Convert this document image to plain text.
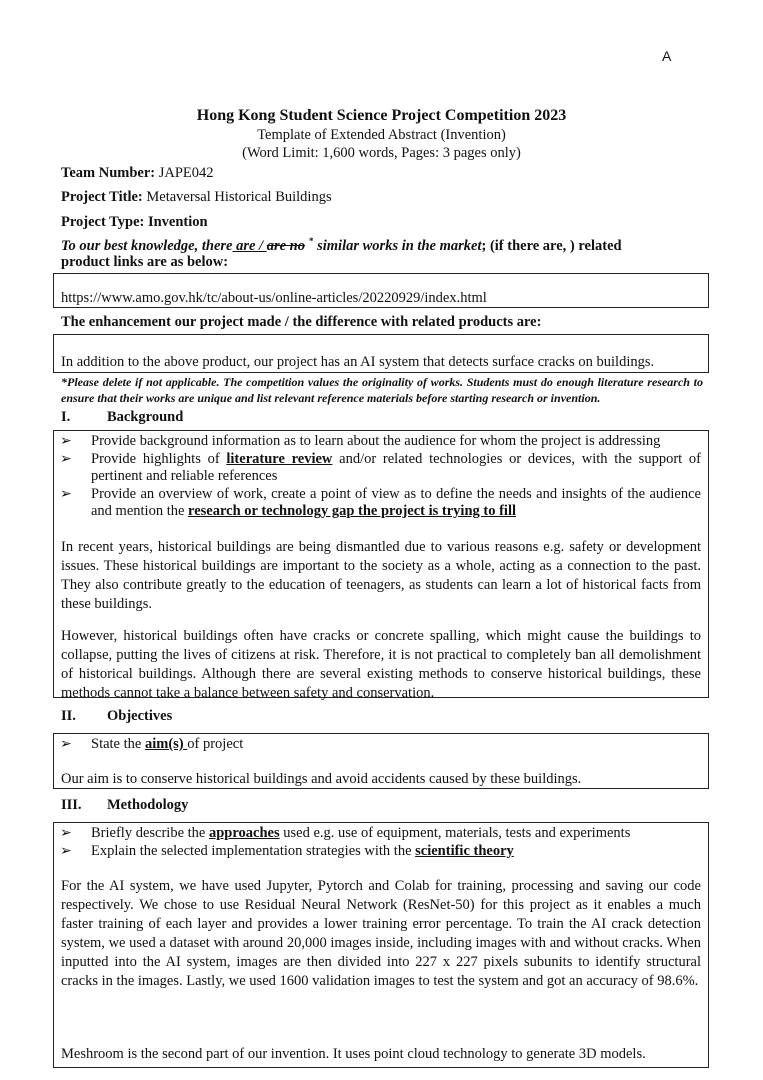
A
Hong Kong Student Science Project Competition 2023
Template of Extended Abstract (Invention)
(Word Limit: 1,600 words, Pages: 3 pages only)
Team Number: JAPE042
Project Title: Metaversal Historical Buildings
Project Type: Invention
To our best knowledge, there are / are no * similar works in the market; (if there are, ) related
product links are as below:
https://www.amo.gov.hk/tc/about-us/online-articles/20220929/index.html
The enhancement our project made / the difference with related products are:
In addition to the above product, our project has an AI system that detects surface cracks on buildings.
*Please delete if not applicable. The competition values the originality of works. Students must do enough literature research to ensure that their works are unique and list relevant reference materials before starting research or invention.
I.	Background
➢ Provide background information as to learn about the audience for whom the project is addressing
➢ Provide highlights of literature review and/or related technologies or devices, with the support of pertinent and reliable references
➢ Provide an overview of work, create a point of view as to define the needs and insights of the audience and mention the research or technology gap the project is trying to fill
In recent years, historical buildings are being dismantled due to various reasons e.g. safety or development issues. These historical buildings are important to the society as a whole, acting as a connection to the past. They also contribute greatly to the education of teenagers, as students can learn a lot of historical facts from these buildings.
However, historical buildings often have cracks or concrete spalling, which might cause the buildings to collapse, putting the lives of citizens at risk. Therefore, it is not practical to completely ban all demolishment of historical buildings. Although there are several existing methods to conserve historical buildings, these methods cannot take a balance between safety and conservation.
II. Objectives
➢ State the aim(s) of project
Our aim is to conserve historical buildings and avoid accidents caused by these buildings.
III. Methodology
➢ Briefly describe the approaches used e.g. use of equipment, materials, tests and experiments
➢ Explain the selected implementation strategies with the scientific theory
For the AI system, we have used Jupyter, Pytorch and Colab for training, processing and saving our code respectively. We chose to use Residual Neural Network (ResNet-50) for this project as it enables a much faster training of each layer and provides a lower training error percentage. To train the AI crack detection system, we used a dataset with around 20,000 images inside, including images with and without cracks. When inputted into the AI system, images are then divided into 227 x 227 pixels subunits to identify structural cracks in the images. Lastly, we used 1600 validation images to test the system and got an accuracy of 98.6%.
Meshroom is the second part of our invention. It uses point cloud technology to generate 3D models.
